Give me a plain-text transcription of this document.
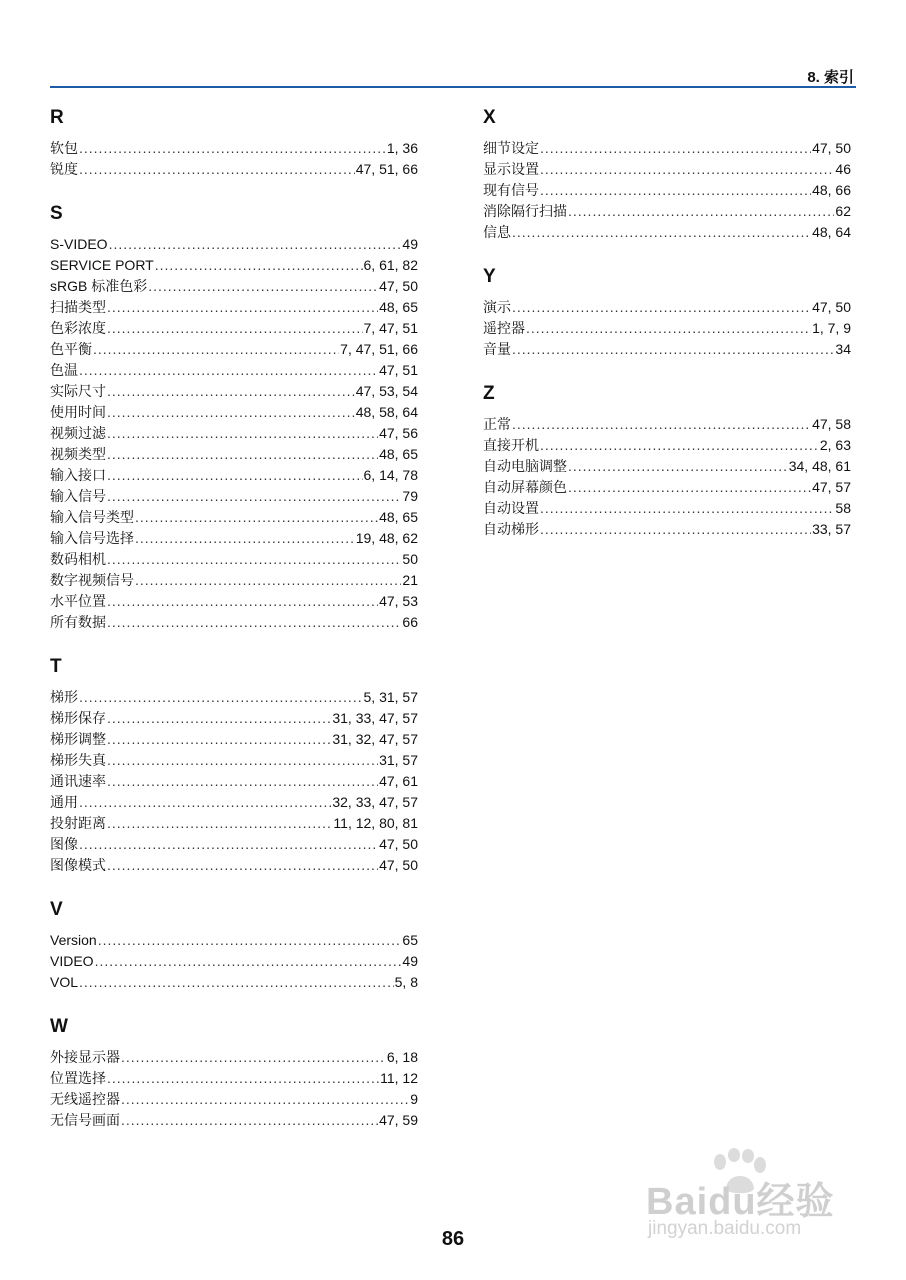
8. 索引
R
软包 .....	1, 36
锐度 .....	47, 51, 66
S
S-VIDEO .....	49
SERVICE PORT .....	6, 61, 82
sRGB 标准色彩 .....	47, 50
扫描类型 .....	48, 65
色彩浓度 .....	7, 47, 51
色平衡 .....	7, 47, 51, 66
色温 .....	47, 51
实际尺寸 .....	47, 53, 54
使用时间 .....	48, 58, 64
视频过滤 .....	47, 56
视频类型 .....	48, 65
输入接口 .....	6, 14, 78
输入信号 .....	79
输入信号类型 .....	48, 65
输入信号选择 .....	19, 48, 62
数码相机 .....	50
数字视频信号 .....	21
水平位置 .....	47, 53
所有数据 .....	66
T
梯形 .....	5, 31, 57
梯形保存 .....	31, 33, 47, 57
梯形调整 .....	31, 32, 47, 57
梯形失真 .....	31, 57
通讯速率 .....	47, 61
通用 .....	32, 33, 47, 57
投射距离 .....	11, 12, 80, 81
图像 .....	47, 50
图像模式 .....	47, 50
V
Version .....	65
VIDEO .....	49
VOL .....	5, 8
W
外接显示器 .....	6, 18
位置选择 .....	11, 12
无线遥控器 .....	9
无信号画面 .....	47, 59
X
细节设定 .....	47, 50
显示设置 .....	46
现有信号 .....	48, 66
消除隔行扫描 .....	62
信息 .....	48, 64
Y
演示 .....	47, 50
遥控器 .....	1, 7, 9
音量 .....	34
Z
正常 .....	47, 58
直接开机 .....	2, 63
自动电脑调整 .....	34, 48, 61
自动屏幕颜色 .....	47, 57
自动设置 .....	58
自动梯形 .....	33, 57
86
Baidu经验
jingyan.baidu.com
